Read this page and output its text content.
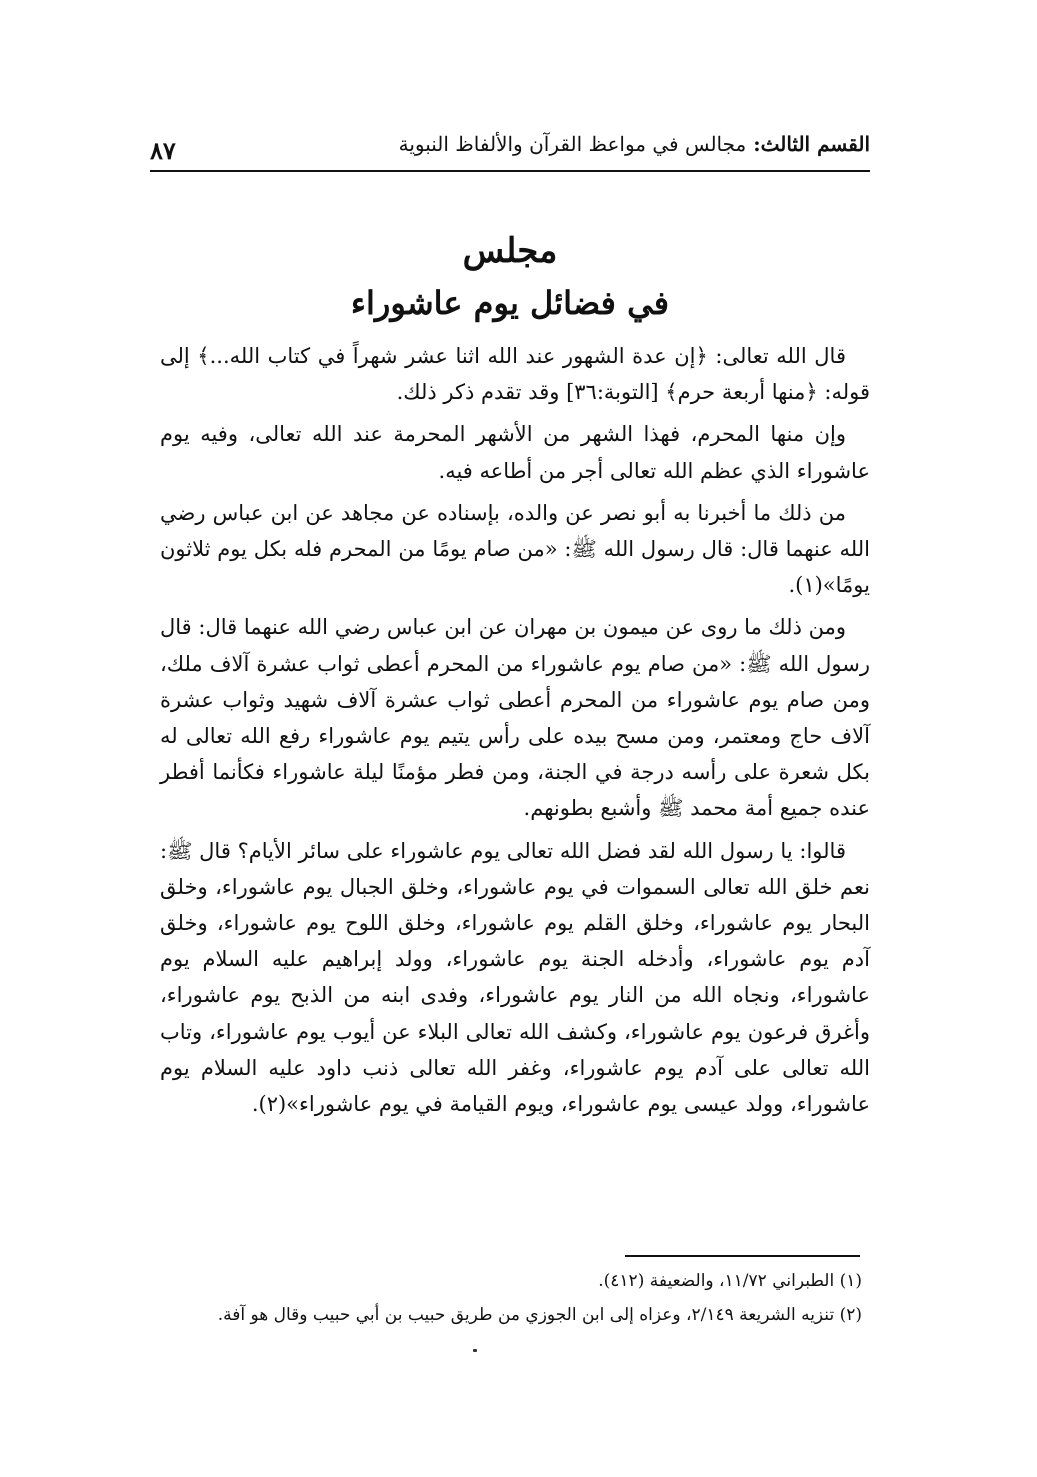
القسم الثالث: مجالس في مواعظ القرآن والألفاظ النبوية
٨٧
مجلس
في فضائل يوم عاشوراء

قال الله تعالى: ﴿إن عدة الشهور عند الله اثنا عشر شهراً في كتاب الله...﴾ إلى قوله: ﴿منها أربعة حرم﴾ [التوبة:٣٦] وقد تقدم ذكر ذلك.

وإن منها المحرم، فهذا الشهر من الأشهر المحرمة عند الله تعالى، وفيه يوم عاشوراء الذي عظم الله تعالى أجر من أطاعه فيه.

من ذلك ما أخبرنا به أبو نصر عن والده، بإسناده عن مجاهد عن ابن عباس رضي الله عنهما قال: قال رسول الله ﷺ: «من صام يومًا من المحرم فله بكل يوم ثلاثون يومًا»(١).

ومن ذلك ما روى عن ميمون بن مهران عن ابن عباس رضي الله عنهما قال: قال رسول الله ﷺ: «من صام يوم عاشوراء من المحرم أعطى ثواب عشرة آلاف ملك، ومن صام يوم عاشوراء من المحرم أعطى ثواب عشرة آلاف شهيد وثواب عشرة آلاف حاج ومعتمر، ومن مسح بيده على رأس يتيم يوم عاشوراء رفع الله تعالى له بكل شعرة على رأسه درجة في الجنة، ومن فطر مؤمنًا ليلة عاشوراء فكأنما أفطر عنده جميع أمة محمد ﷺ وأشبع بطونهم.

قالوا: يا رسول الله لقد فضل الله تعالى يوم عاشوراء على سائر الأيام؟ قال ﷺ: نعم خلق الله تعالى السموات في يوم عاشوراء، وخلق الجبال يوم عاشوراء، وخلق البحار يوم عاشوراء، وخلق القلم يوم عاشوراء، وخلق اللوح يوم عاشوراء، وخلق آدم يوم عاشوراء، وأدخله الجنة يوم عاشوراء، وولد إبراهيم عليه السلام يوم عاشوراء، ونجاه الله من النار يوم عاشوراء، وفدى ابنه من الذبح يوم عاشوراء، وأغرق فرعون يوم عاشوراء، وكشف الله تعالى البلاء عن أيوب يوم عاشوراء، وتاب الله تعالى على آدم يوم عاشوراء، وغفر الله تعالى ذنب داود عليه السلام يوم عاشوراء، وولد عيسى يوم عاشوراء، ويوم القيامة في يوم عاشوراء»(٢).

(١) الطبراني ١١/٧٢، والضعيفة (٤١٢).
(٢) تنزيه الشريعة ٢/١٤٩، وعزاه إلى ابن الجوزي من طريق حبيب بن أبي حبيب وقال هو آفة.
